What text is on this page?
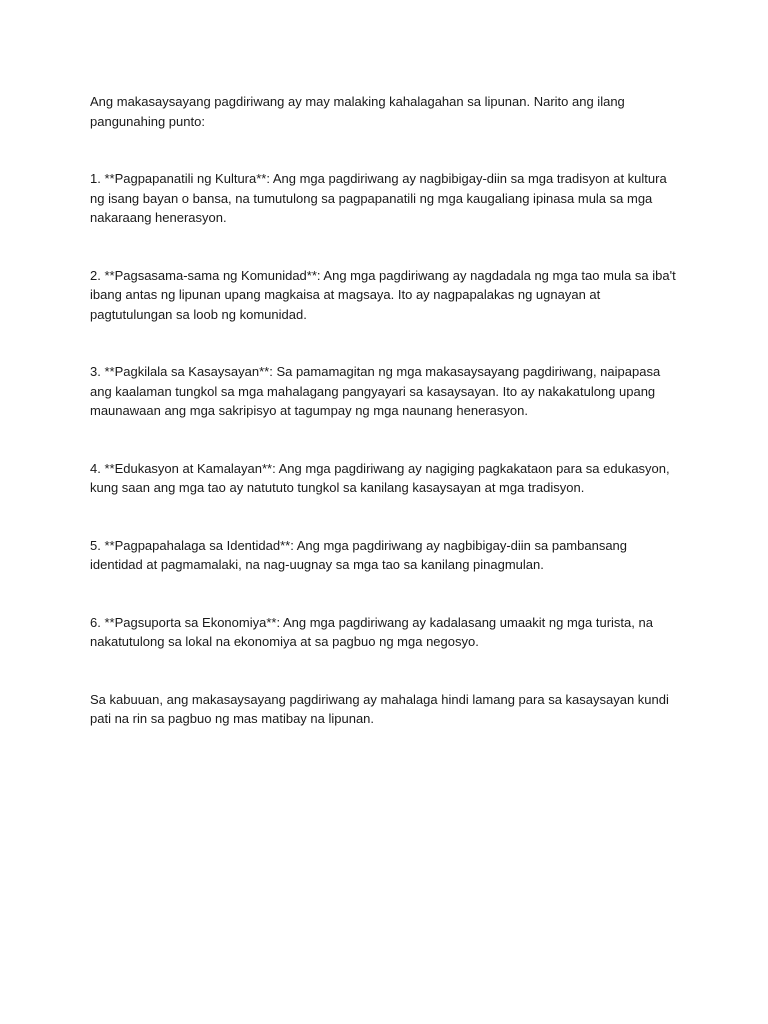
Ang makasaysayang pagdiriwang ay may malaking kahalagahan sa lipunan. Narito ang ilang pangunahing punto:

1. **Pagpapanatili ng Kultura**: Ang mga pagdiriwang ay nagbibigay-diin sa mga tradisyon at kultura ng isang bayan o bansa, na tumutulong sa pagpapanatili ng mga kaugaliang ipinasa mula sa mga nakaraang henerasyon.

2. **Pagsasama-sama ng Komunidad**: Ang mga pagdiriwang ay nagdadala ng mga tao mula sa iba't ibang antas ng lipunan upang magkaisa at magsaya. Ito ay nagpapalakas ng ugnayan at pagtutulungan sa loob ng komunidad.

3. **Pagkilala sa Kasaysayan**: Sa pamamagitan ng mga makasaysayang pagdiriwang, naipapasa ang kaalaman tungkol sa mga mahalagang pangyayari sa kasaysayan. Ito ay nakakatulong upang maunawaan ang mga sakripisyo at tagumpay ng mga naunang henerasyon.

4. **Edukasyon at Kamalayan**: Ang mga pagdiriwang ay nagiging pagkakataon para sa edukasyon, kung saan ang mga tao ay natututo tungkol sa kanilang kasaysayan at mga tradisyon.

5. **Pagpapahalaga sa Identidad**: Ang mga pagdiriwang ay nagbibigay-diin sa pambansang identidad at pagmamalaki, na nag-uugnay sa mga tao sa kanilang pinagmulan.

6. **Pagsuporta sa Ekonomiya**: Ang mga pagdiriwang ay kadalasang umaakit ng mga turista, na nakatutulong sa lokal na ekonomiya at sa pagbuo ng mga negosyo.

Sa kabuuan, ang makasaysayang pagdiriwang ay mahalaga hindi lamang para sa kasaysayan kundi pati na rin sa pagbuo ng mas matibay na lipunan.
